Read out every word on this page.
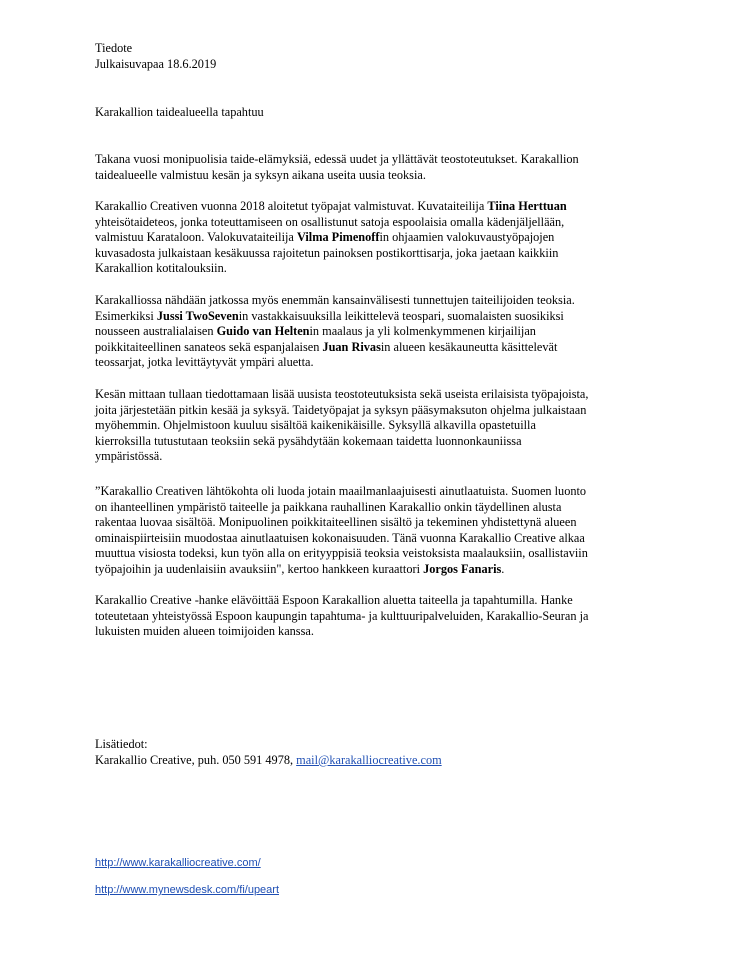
Tiedote
Julkaisuvapaa 18.6.2019
Karakallion taidealueella tapahtuu
Takana vuosi monipuolisia taide-elämyksiä, edessä uudet ja yllättävät teostoteutukset. Karakallion
taidealueelle valmistuu kesän ja syksyn aikana useita uusia teoksia.
Karakallio Creativen vuonna 2018 aloitetut työpajat valmistuvat. Kuvataiteilija Tiina Herttuan
yhteisötaideteos, jonka toteuttamiseen on osallistunut satoja espoolaisia omalla kädenjäljellään,
valmistuu Karataloon. Valokuvataiteilija Vilma Pimenoffin ohjaamien valokuvaustyöpajojen
kuvasadosta julkaistaan kesäkuussa rajoitetun painoksen postikorttisarja, joka jaetaan kaikkiin
Karakallion kotitalouksiin.
Karakalliossa nähdään jatkossa myös enemmän kansainvälisesti tunnettujen taiteilijoiden teoksia.
Esimerkiksi Jussi TwoSevenin vastakkaisuuksilla leikittelevä teospari, suomalaisten suosikiksi
nousseen australialaisen Guido van Heltenin maalaus ja yli kolmenkymmenen kirjailijan
poikkitaiteellinen sanateos sekä espanjalaisen Juan Rivasin alueen kesäkauneutta käsittelevät
teossarjat, jotka levittäytyvät ympäri aluetta.
Kesän mittaan tullaan tiedottamaan lisää uusista teostoteutuksista sekä useista erilaisista työpajoista,
joita järjestetään pitkin kesää ja syksyä. Taidetyöpajat ja syksyn pääsymaksuton ohjelma julkaistaan
myöhemmin. Ohjelmistoon kuuluu sisältöä kaikenikäisille. Syksyllä alkavilla opastetuilla
kierroksilla tutustutaan teoksiin sekä pysähdytään kokemaan taidetta luonnonkauniissa
ympäristössä.
”Karakallio Creativen lähtökohta oli luoda jotain maailmanlaajuisesti ainutlaatuista. Suomen luonto
on ihanteellinen ympäristö taiteelle ja paikkana rauhallinen Karakallio onkin täydellinen alusta
rakentaa luovaa sisältöä. Monipuolinen poikkitaiteellinen sisältö ja tekeminen yhdistettynä alueen
ominaispiirteisiin muodostaa ainutlaatuisen kokonaisuuden. Tänä vuonna Karakallio Creative alkaa
muuttua visiosta todeksi, kun työn alla on erityyppisiä teoksia veistoksista maalauksiin, osallistaviin
työpajoihin ja uudenlaisiin avauksiin", kertoo hankkeen kuraattori Jorgos Fanaris.
Karakallio Creative -hanke elävöittää Espoon Karakallion aluetta taiteella ja tapahtumilla. Hanke
toteutetaan yhteistyössä Espoon kaupungin tapahtuma- ja kulttuuripalveluiden, Karakallio-Seuran ja
lukuisten muiden alueen toimijoiden kanssa.
Lisätiedot:
Karakallio Creative, puh. 050 591 4978, mail@karakalliocreative.com
http://www.karakalliocreative.com/
http://www.mynewsdesk.com/fi/upeart
